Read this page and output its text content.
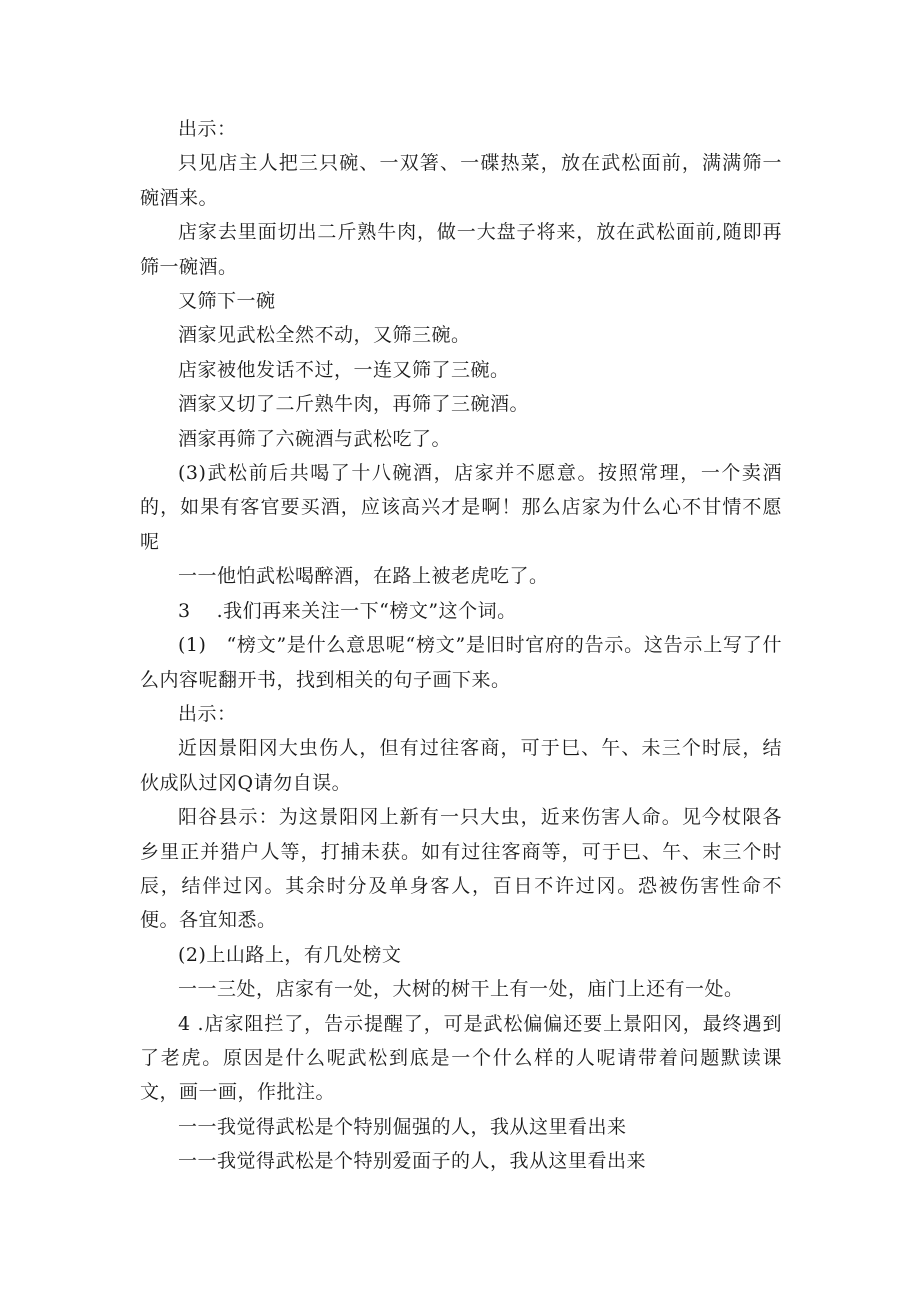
出示：

只见店主人把三只碗、一双箸、一碟热菜，放在武松面前，满满筛一碗酒来。

店家去里面切出二斤熟牛肉，做一大盘子将来，放在武松面前,随即再筛一碗酒。

又筛下一碗

酒家见武松全然不动，又筛三碗。

店家被他发话不过，一连又筛了三碗。

酒家又切了二斤熟牛肉，再筛了三碗酒。

酒家再筛了六碗酒与武松吃了。

(3)武松前后共喝了十八碗酒，店家并不愿意。按照常理，一个卖酒的，如果有客官要买酒，应该高兴才是啊！那么店家为什么心不甘情不愿呢

一一他怕武松喝醉酒，在路上被老虎吃了。

3　 .我们再来关注一下“榜文”这个词。

(1)　“榜文”是什么意思呢“榜文”是旧时官府的告示。这告示上写了什么内容呢翻开书，找到相关的句子画下来。

出示：

近因景阳冈大虫伤人，但有过往客商，可于巳、午、未三个时辰，结伙成队过冈Q请勿自误。

阳谷县示：为这景阳冈上新有一只大虫，近来伤害人命。见今杖限各乡里正并猎户人等，打捕未获。如有过往客商等，可于巳、午、末三个时辰，结伴过冈。其余时分及单身客人，百日不许过冈。恐被伤害性命不便。各宜知悉。

(2)上山路上，有几处榜文

一一三处，店家有一处，大树的树干上有一处，庙门上还有一处。

4 .店家阻拦了，告示提醒了，可是武松偏偏还要上景阳冈，最终遇到了老虎。原因是什么呢武松到底是一个什么样的人呢请带着问题默读课文，画一画，作批注。

一一我觉得武松是个特别倔强的人，我从这里看出来

一一我觉得武松是个特别爱面子的人，我从这里看出来
